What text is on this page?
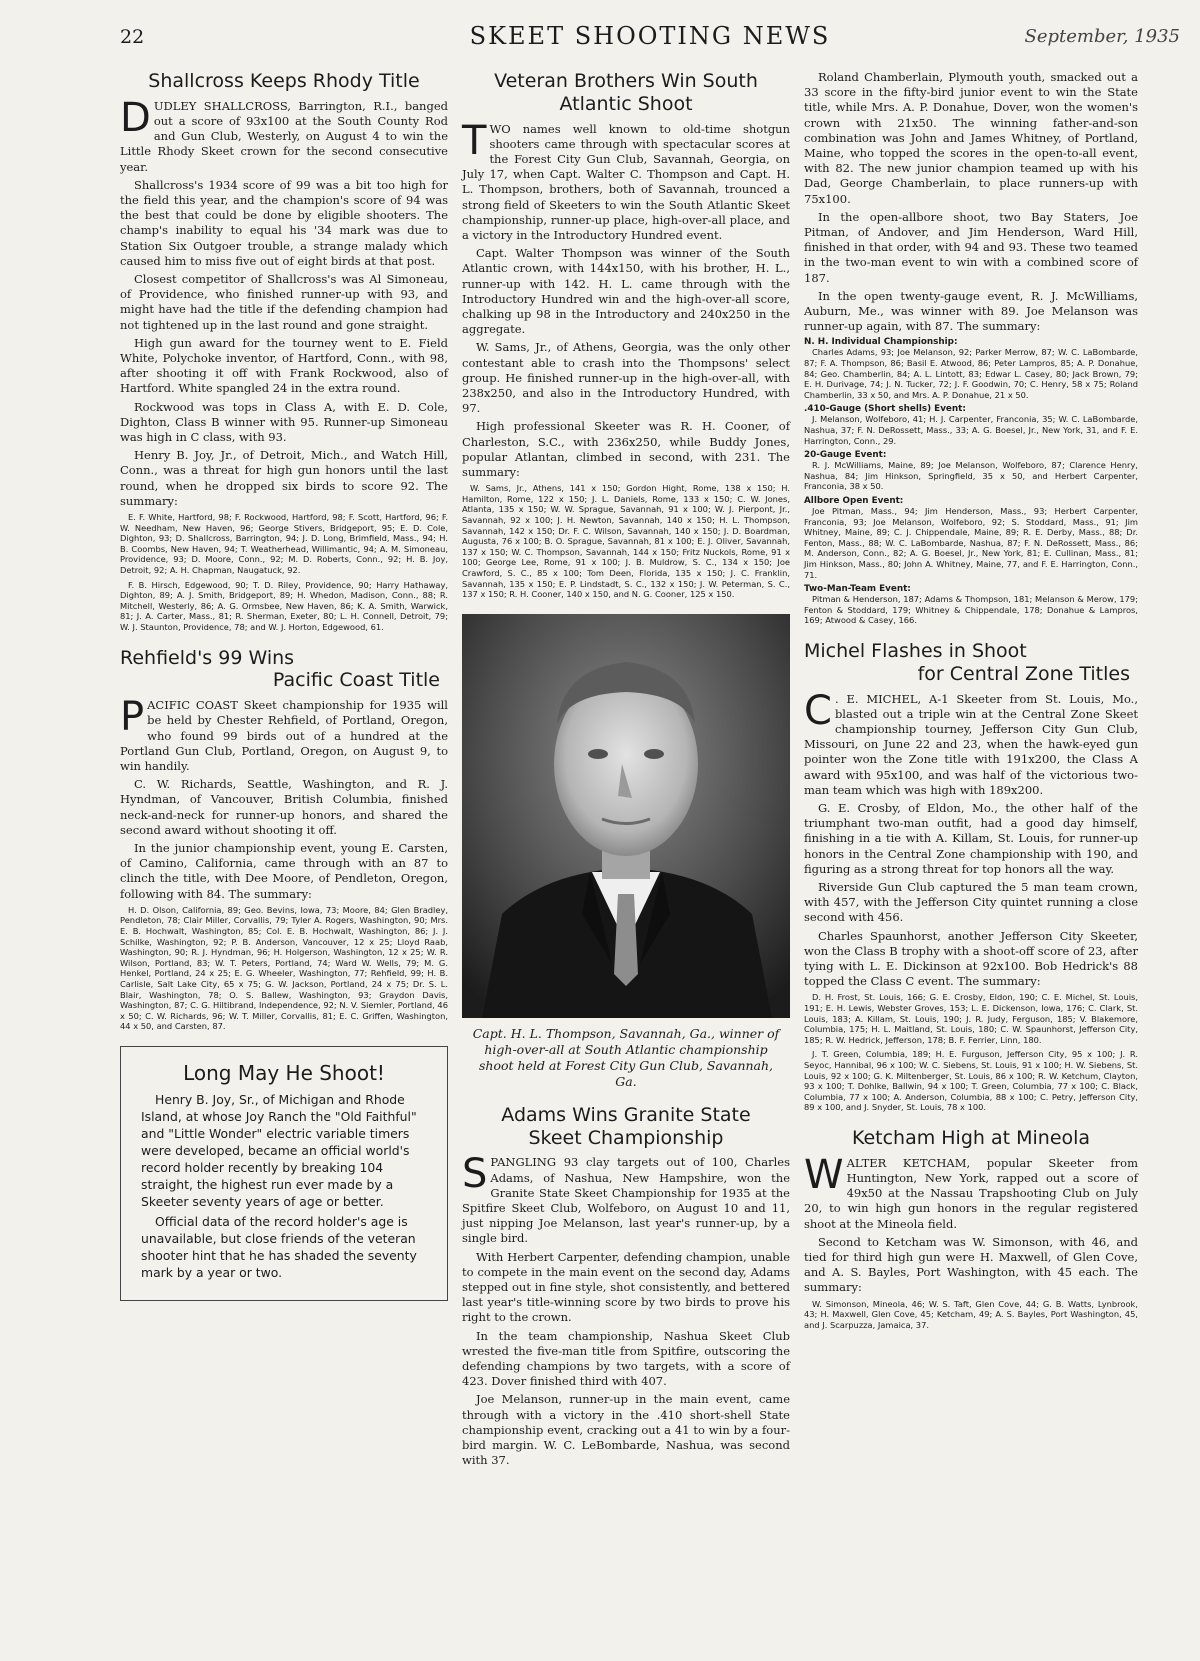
22	SKEET SHOOTING NEWS	September, 1935
Shallcross Keeps Rhody Title

DUDLEY SHALLCROSS, Barrington, R.I., banged out a score of 93x100 at the South County Rod and Gun Club, Westerly, on August 4 to win the Little Rhody Skeet crown for the second consecutive year.

Shallcross's 1934 score of 99 was a bit too high for the field this year, and the champion's score of 94 was the best that could be done by eligible shooters. The champ's inability to equal his '34 mark was due to Station Six Outgoer trouble, a strange malady which caused him to miss five out of eight birds at that post.

Closest competitor of Shallcross's was Al Simoneau, of Providence, who finished runner-up with 93, and might have had the title if the defending champion had not tightened up in the last round and gone straight.

High gun award for the tourney went to E. Field White, Polychoke inventor, of Hartford, Conn., with 98, after shooting it off with Frank Rockwood, also of Hartford. White spangled 24 in the extra round.

Rockwood was tops in Class A, with E. D. Cole, Dighton, Class B winner with 95. Runner-up Simoneau was high in C class, with 93.

Henry B. Joy, Jr., of Detroit, Mich., and Watch Hill, Conn., was a threat for high gun honors until the last round, when he dropped six birds to score 92. The summary:

E. F. White, Hartford, 98; F. Rockwood, Hartford, 98; F. Scott, Hartford, 96; F. W. Needham, New Haven, 96; George Stivers, Bridgeport, 95; E. D. Cole, Dighton, 93; D. Shallcross, Barrington, 94; J. D. Long, Brimfield, Mass., 94; H. B. Coombs, New Haven, 94; T. Weatherhead, Willimantic, 94; A. M. Simoneau, Providence, 93; D. Moore, Conn., 92; M. D. Roberts, Conn., 92; H. B. Joy, Detroit, 92; A. H. Chapman, Naugatuck, 92.

F. B. Hirsch, Edgewood, 90; T. D. Riley, Providence, 90; Harry Hathaway, Dighton, 89; A. J. Smith, Bridgeport, 89; H. Whedon, Madison, Conn., 88; R. Mitchell, Westerly, 86; A. G. Ormsbee, New Haven, 86; K. A. Smith, Warwick, 81; J. A. Carter, Mass., 81; R. Sherman, Exeter, 80; L. H. Connell, Detroit, 79; W. J. Staunton, Providence, 78; and W. J. Horton, Edgewood, 61.

Rehfield's 99 Wins
Pacific Coast Title

PACIFIC COAST Skeet championship for 1935 will be held by Chester Rehfield, of Portland, Oregon, who found 99 birds out of a hundred at the Portland Gun Club, Portland, Oregon, on August 9, to win handily.

C. W. Richards, Seattle, Washington, and R. J. Hyndman, of Vancouver, British Columbia, finished neck-and-neck for runner-up honors, and shared the second award without shooting it off.

In the junior championship event, young E. Carsten, of Camino, California, came through with an 87 to clinch the title, with Dee Moore, of Pendleton, Oregon, following with 84. The summary:

H. D. Olson, California, 89; Geo. Bevins, Iowa, 73; Moore, 84; Glen Bradley, Pendleton, 78; Clair Miller, Corvallis, 79; Tyler A. Rogers, Washington, 90; Mrs. E. B. Hochwalt, Washington, 85; Col. E. B. Hochwalt, Washington, 86; J. J. Schilke, Washington, 92; P. B. Anderson, Vancouver, 12 x 25; Lloyd Raab, Washington, 90; R. J. Hyndman, 96; H. Holgerson, Washington, 12 x 25; W. R. Wilson, Portland, 83; W. T. Peters, Portland, 74; Ward W. Wells, 79; M. G. Henkel, Portland, 24 x 25; E. G. Wheeler, Washington, 77; Rehfield, 99; H. B. Carlisle, Salt Lake City, 65 x 75; G. W. Jackson, Portland, 24 x 75; Dr. S. L. Blair, Washington, 78; O. S. Ballew, Washington, 93; Graydon Davis, Washington, 87; C. G. Hiltibrand, Independence, 92; N. V. Siemler, Portland, 46 x 50; C. W. Richards, 96; W. T. Miller, Corvallis, 81; E. C. Griffen, Washington, 44 x 50, and Carsten, 87.

Long May He Shoot!

Henry B. Joy, Sr., of Michigan and Rhode Island, at whose Joy Ranch the "Old Faithful" and "Little Wonder" electric variable timers were developed, became an official world's record holder recently by breaking 104 straight, the highest run ever made by a Skeeter seventy years of age or better.

Official data of the record holder's age is unavailable, but close friends of the veteran shooter hint that he has shaded the seventy mark by a year or two.

Veteran Brothers Win South
Atlantic Shoot

TWO names well known to old-time shotgun shooters came through with spectacular scores at the Forest City Gun Club, Savannah, Georgia, on July 17, when Capt. Walter C. Thompson and Capt. H. L. Thompson, brothers, both of Savannah, trounced a strong field of Skeeters to win the South Atlantic Skeet championship, runner-up place, high-over-all place, and a victory in the Introductory Hundred event.

Capt. Walter Thompson was winner of the South Atlantic crown, with 144x150, with his brother, H. L., runner-up with 142. H. L. came through with the Introductory Hundred win and the high-over-all score, chalking up 98 in the Introductory and 240x250 in the aggregate.

W. Sams, Jr., of Athens, Georgia, was the only other contestant able to crash into the Thompsons' select group. He finished runner-up in the high-over-all, with 238x250, and also in the Introductory Hundred, with 97.

High professional Skeeter was R. H. Cooner, of Charleston, S.C., with 236x250, while Buddy Jones, popular Atlantan, climbed in second, with 231. The summary:

W. Sams, Jr., Athens, 141 x 150; Gordon Hight, Rome, 138 x 150; H. Hamilton, Rome, 122 x 150; J. L. Daniels, Rome, 133 x 150; C. W. Jones, Atlanta, 135 x 150; W. W. Sprague, Savannah, 91 x 100; W. J. Pierpont, Jr., Savannah, 92 x 100; J. H. Newton, Savannah, 140 x 150; H. L. Thompson, Savannah, 142 x 150; Dr. F. C. Wilson, Savannah, 140 x 150; J. D. Boardman, Augusta, 76 x 100; B. O. Sprague, Savannah, 81 x 100; E. J. Oliver, Savannah, 137 x 150; W. C. Thompson, Savannah, 144 x 150; Fritz Nuckols, Rome, 91 x 100; George Lee, Rome, 91 x 100; J. B. Muldrow, S. C., 134 x 150; Joe Crawford, S. C., 85 x 100; Tom Deen, Florida, 135 x 150; J. C. Franklin, Savannah, 135 x 150; E. P. Lindstadt, S. C., 132 x 150; J. W. Peterman, S. C., 137 x 150; R. H. Cooner, 140 x 150, and N. G. Cooner, 125 x 150.

Capt. H. L. Thompson, Savannah, Ga., winner of high-over-all at South Atlantic championship shoot held at Forest City Gun Club, Savannah, Ga.
Adams Wins Granite State
Skeet Championship

SPANGLING 93 clay targets out of 100, Charles Adams, of Nashua, New Hampshire, won the Granite State Skeet Championship for 1935 at the Spitfire Skeet Club, Wolfeboro, on August 10 and 11, just nipping Joe Melanson, last year's runner-up, by a single bird.

With Herbert Carpenter, defending champion, unable to compete in the main event on the second day, Adams stepped out in fine style, shot consistently, and bettered last year's title-winning score by two birds to prove his right to the crown.

In the team championship, Nashua Skeet Club wrested the five-man title from Spitfire, outscoring the defending champions by two targets, with a score of 423. Dover finished third with 407.

Joe Melanson, runner-up in the main event, came through with a victory in the .410 short-shell State championship event, cracking out a 41 to win by a four-bird margin. W. C. LeBombarde, Nashua, was second with 37.

Roland Chamberlain, Plymouth youth, smacked out a 33 score in the fifty-bird junior event to win the State title, while Mrs. A. P. Donahue, Dover, won the women's crown with 21x50. The winning father-and-son combination was John and James Whitney, of Portland, Maine, who topped the scores in the open-to-all event, with 82. The new junior champion teamed up with his Dad, George Chamberlain, to place runners-up with 75x100.

In the open-allbore shoot, two Bay Staters, Joe Pitman, of Andover, and Jim Henderson, Ward Hill, finished in that order, with 94 and 93. These two teamed in the two-man event to win with a combined score of 187.

In the open twenty-gauge event, R. J. McWilliams, Auburn, Me., was winner with 89. Joe Melanson was runner-up again, with 87. The summary:

N. H. Individual Championship:

Charles Adams, 93; Joe Melanson, 92; Parker Merrow, 87; W. C. LaBombarde, 87; F. A. Thompson, 86; Basil E. Atwood, 86; Peter Lampros, 85; A. P. Donahue, 84; Geo. Chamberlin, 84; A. L. Lintott, 83; Edwar L. Casey, 80; Jack Brown, 79; E. H. Durivage, 74; J. N. Tucker, 72; J. F. Goodwin, 70; C. Henry, 58 x 75; Roland Chamberlin, 33 x 50, and Mrs. A. P. Donahue, 21 x 50.

.410-Gauge (Short shells) Event:

J. Melanson, Wolfeboro, 41; H. J. Carpenter, Franconia, 35; W. C. LaBombarde, Nashua, 37; F. N. DeRossett, Mass., 33; A. G. Boesel, Jr., New York, 31, and F. E. Harrington, Conn., 29.

20-Gauge Event:

R. J. McWilliams, Maine, 89; Joe Melanson, Wolfeboro, 87; Clarence Henry, Nashua, 84; Jim Hinkson, Springfield, 35 x 50, and Herbert Carpenter, Franconia, 38 x 50.

Allbore Open Event:

Joe Pitman, Mass., 94; Jim Henderson, Mass., 93; Herbert Carpenter, Franconia, 93; Joe Melanson, Wolfeboro, 92; S. Stoddard, Mass., 91; Jim Whitney, Maine, 89; C. J. Chippendale, Maine, 89; R. E. Derby, Mass., 88; Dr. Fenton, Mass., 88; W. C. LaBombarde, Nashua, 87; F. N. DeRossett, Mass., 86; M. Anderson, Conn., 82; A. G. Boesel, Jr., New York, 81; E. Cullinan, Mass., 81; Jim Hinkson, Mass., 80; John A. Whitney, Maine, 77, and F. E. Harrington, Conn., 71.

Two-Man-Team Event:

Pitman & Henderson, 187; Adams & Thompson, 181; Melanson & Merow, 179; Fenton & Stoddard, 179; Whitney & Chippendale, 178; Donahue & Lampros, 169; Atwood & Casey, 166.

Michel Flashes in Shoot
for Central Zone Titles

C . E. MICHEL, A-1 Skeeter from St. Louis, Mo., blasted out a triple win at the Central Zone Skeet championship tourney, Jefferson City Gun Club, Missouri, on June 22 and 23, when the hawk-eyed gun pointer won the Zone title with 191x200, the Class A award with 95x100, and was half of the victorious two-man team which was high with 189x200.

G. E. Crosby, of Eldon, Mo., the other half of the triumphant two-man outfit, had a good day himself, finishing in a tie with A. Killam, St. Louis, for runner-up honors in the Central Zone championship with 190, and figuring as a strong threat for top honors all the way.

Riverside Gun Club captured the 5 man team crown, with 457, with the Jefferson City quintet running a close second with 456.

Charles Spaunhorst, another Jefferson City Skeeter, won the Class B trophy with a shoot-off score of 23, after tying with L. E. Dickinson at 92x100. Bob Hedrick's 88 topped the Class C event. The summary:

D. H. Frost, St. Louis, 166; G. E. Crosby, Eldon, 190; C. E. Michel, St. Louis, 191; E. H. Lewis, Webster Groves, 153; L. E. Dickenson, Iowa, 176; C. Clark, St. Louis, 183; A. Killam, St. Louis, 190; J. R. Judy, Ferguson, 185; V. Blakemore, Columbia, 175; H. L. Maitland, St. Louis, 180; C. W. Spaunhorst, Jefferson City, 185; R. W. Hedrick, Jefferson, 178; B. F. Ferrier, Linn, 180.

J. T. Green, Columbia, 189; H. E. Furguson, Jefferson City, 95 x 100; J. R. Seyoc, Hannibal, 96 x 100; W. C. Siebens, St. Louis, 91 x 100; H. W. Siebens, St. Louis, 92 x 100; G. K. Miltenberger, St. Louis, 86 x 100; R. W. Ketchum, Clayton, 93 x 100; T. Dohlke, Ballwin, 94 x 100; T. Green, Columbia, 77 x 100; C. Black, Columbia, 77 x 100; A. Anderson, Columbia, 88 x 100; C. Petry, Jefferson City, 89 x 100, and J. Snyder, St. Louis, 78 x 100.

Ketcham High at Mineola

WALTER KETCHAM, popular Skeeter from Huntington, New York, rapped out a score of 49x50 at the Nassau Trapshooting Club on July 20, to win high gun honors in the regular registered shoot at the Mineola field.

Second to Ketcham was W. Simonson, with 46, and tied for third high gun were H. Maxwell, of Glen Cove, and A. S. Bayles, Port Washington, with 45 each. The summary:

W. Simonson, Mineola, 46; W. S. Taft, Glen Cove, 44; G. B. Watts, Lynbrook, 43; H. Maxwell, Glen Cove, 45; Ketcham, 49; A. S. Bayles, Port Washington, 45, and J. Scarpuzza, Jamaica, 37.
